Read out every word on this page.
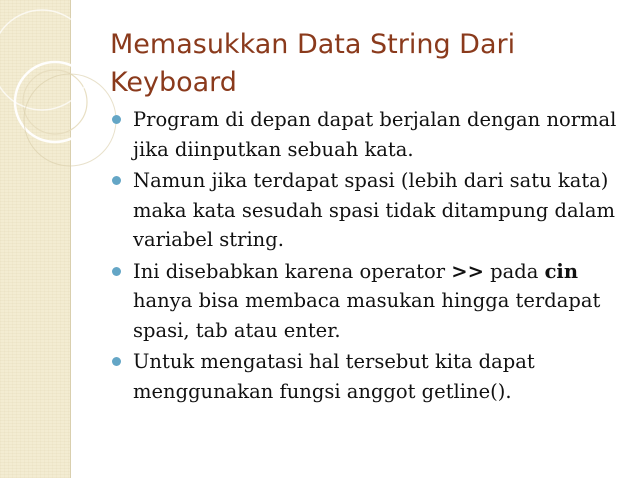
Memasukkan Data String Dari Keyboard
Program di depan dapat berjalan dengan normal jika diinputkan sebuah kata.
Namun jika terdapat spasi (lebih dari satu kata) maka kata sesudah spasi tidak ditampung dalam variabel string.
Ini disebabkan karena operator >> pada cin hanya bisa membaca masukan hingga terdapat spasi, tab atau enter.
Untuk mengatasi hal tersebut kita dapat menggunakan fungsi anggot getline().
